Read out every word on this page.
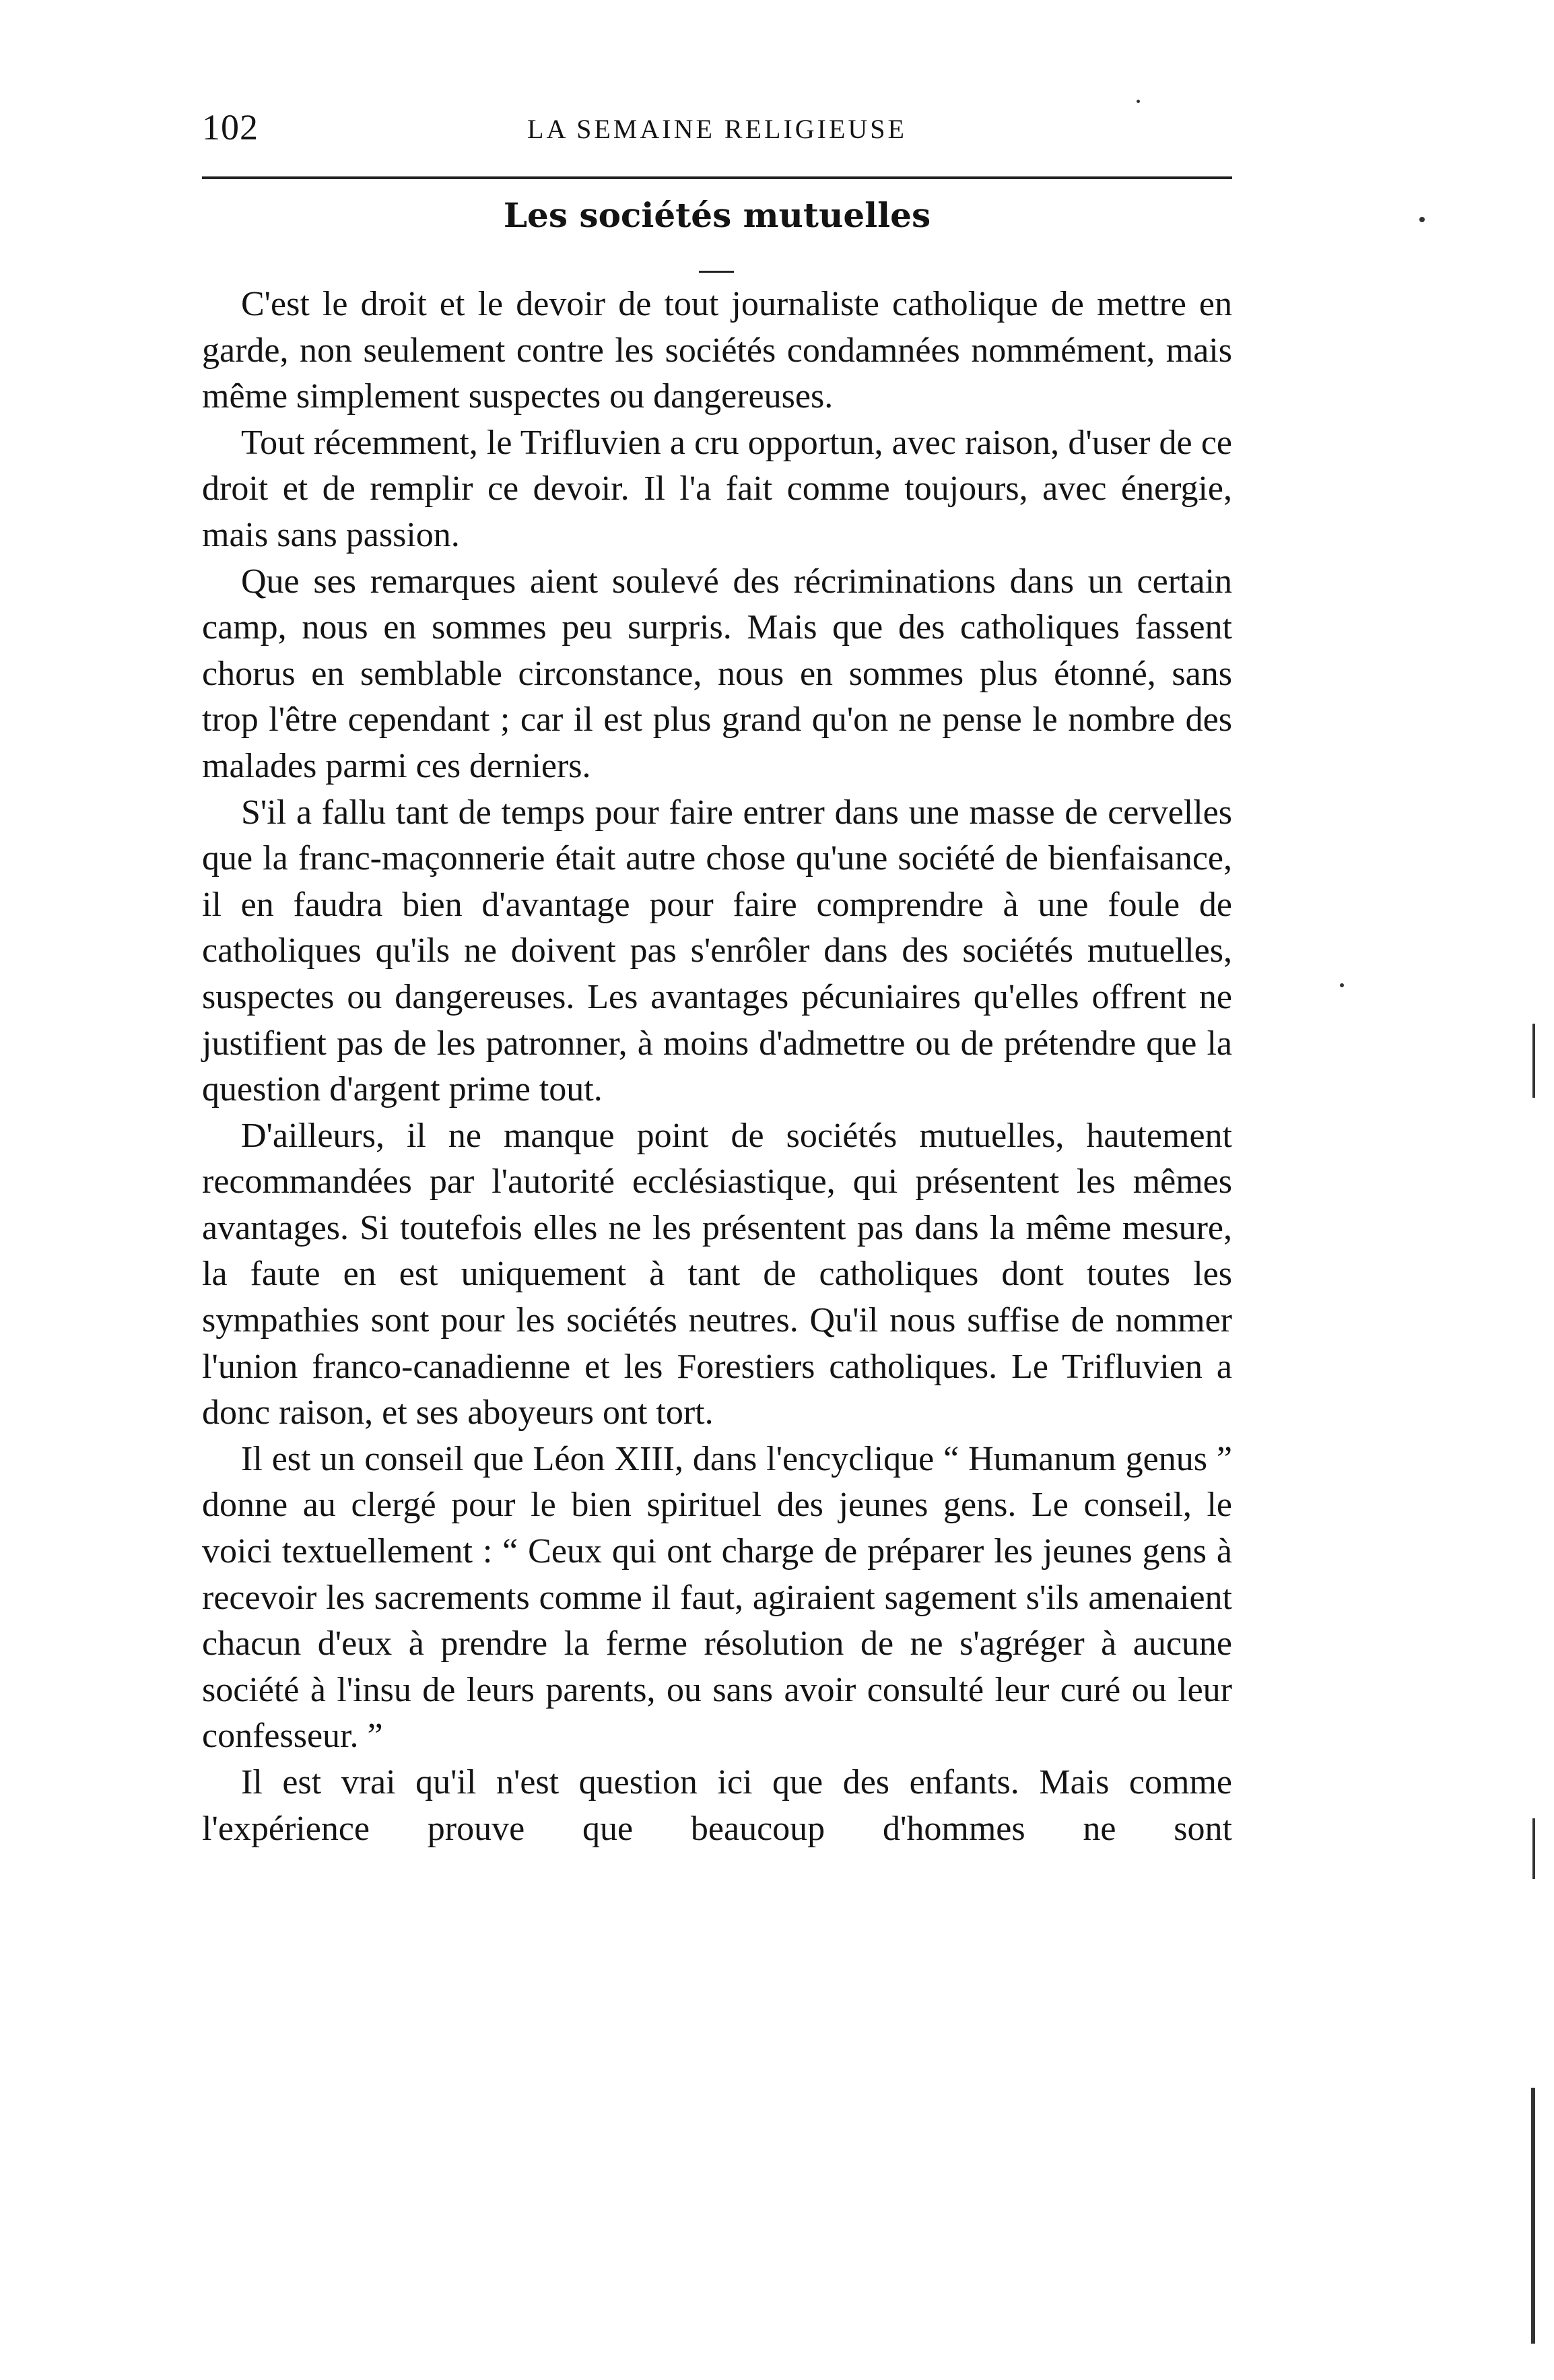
102	LA SEMAINE RELIGIEUSE
Les sociétés mutuelles

C'est le droit et le devoir de tout journaliste catholique de mettre en garde, non seulement contre les sociétés condamnées nommément, mais même simplement suspectes ou dangereuses.

Tout récemment, le Trifluvien a cru opportun, avec raison, d'user de ce droit et de remplir ce devoir. Il l'a fait comme toujours, avec énergie, mais sans passion.

Que ses remarques aient soulevé des récriminations dans un certain camp, nous en sommes peu surpris. Mais que des catholiques fassent chorus en semblable circonstance, nous en sommes plus étonné, sans trop l'être cependant ; car il est plus grand qu'on ne pense le nombre des malades parmi ces derniers.

S'il a fallu tant de temps pour faire entrer dans une masse de cervelles que la franc-maçonnerie était autre chose qu'une société de bienfaisance, il en faudra bien d'avantage pour faire comprendre à une foule de catholiques qu'ils ne doivent pas s'enrôler dans des sociétés mutuelles, suspectes ou dangereuses. Les avantages pécuniaires qu'elles offrent ne justifient pas de les patronner, à moins d'admettre ou de prétendre que la question d'argent prime tout.

D'ailleurs, il ne manque point de sociétés mutuelles, hautement recommandées par l'autorité ecclésiastique, qui présentent les mêmes avantages. Si toutefois elles ne les présentent pas dans la même mesure, la faute en est uniquement à tant de catholiques dont toutes les sympathies sont pour les sociétés neutres. Qu'il nous suffise de nommer l'union franco-canadienne et les Forestiers catholiques. Le Trifluvien a donc raison, et ses aboyeurs ont tort.

Il est un conseil que Léon XIII, dans l'encyclique “ Humanum genus ” donne au clergé pour le bien spirituel des jeunes gens. Le conseil, le voici textuellement : “ Ceux qui ont charge de préparer les jeunes gens à recevoir les sacrements comme il faut, agiraient sagement s'ils amenaient chacun d'eux à prendre la ferme résolution de ne s'agréger à aucune société à l'insu de leurs parents, ou sans avoir consulté leur curé ou leur confesseur. ”

Il est vrai qu'il n'est question ici que des enfants. Mais comme l'expérience prouve que beaucoup d'hommes ne sont
